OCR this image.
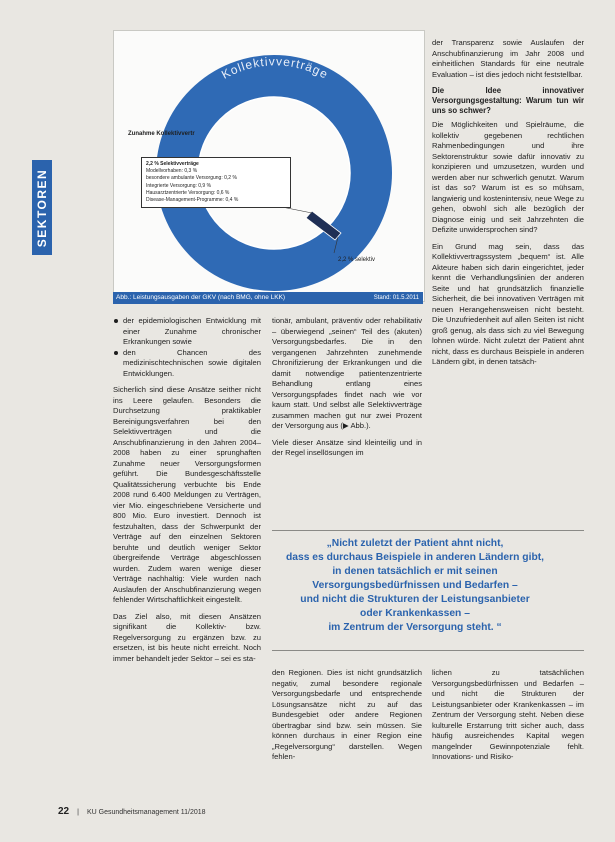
SEKTOREN
Kollektivverträge
Zunahme Kollektivvertr
2,2 % selektiv
2,2 % Selektivverträge
Modellvorhaben: 0,3 %
besondere ambulante Versorgung: 0,2 %
Integrierte Versorgung: 0,9 %
Hausarztzentrierte Versorgung: 0,6 %
Disease-Management-Programme: 0,4 %
Abb.: Leistungsausgaben der GKV (nach BMG, ohne LKK)	Stand: 01.5.2011
der epidemiologischen Entwicklung mit einer Zunahme chronischer Erkrankungen sowie
den Chancen des medizinischtechnischen sowie digitalen Entwicklungen.

Sicherlich sind diese Ansätze seither nicht ins Leere gelaufen. Besonders die Durchsetzung praktikabler Bereinigungsverfahren bei den Selektivverträgen und die Anschubfinanzierung in den Jahren 2004–2008 haben zu einer sprunghaften Zunahme neuer Versorgungsformen geführt. Die Bundesgeschäftsstelle Qualitätssicherung verbuchte bis Ende 2008 rund 6.400 Meldungen zu Verträgen, vier Mio. eingeschriebene Versicherte und 800 Mio. Euro investiert. Dennoch ist festzuhalten, dass der Schwerpunkt der Verträge auf den einzelnen Sektoren beruhte und deutlich weniger Sektor übergreifende Verträge abgeschlossen wurden. Zudem waren wenige dieser Verträge nachhaltig: Viele wurden nach Auslaufen der Anschubfinanzierung wegen fehlender Wirtschaftlichkeit eingestellt.

Das Ziel also, mit diesen Ansätzen signifikant die Kollektiv- bzw. Regelversorgung zu ergänzen bzw. zu ersetzen, ist bis heute nicht erreicht. Noch immer behandelt jeder Sektor – sei es sta-

tionär, ambulant, präventiv oder rehabilitativ – überwiegend „seinen“ Teil des (akuten) Versorgungsbedarfes. Die in den vergangenen Jahrzehnten zunehmende Chronifizierung der Erkrankungen und die damit notwendige patientenzentrierte Behandlung entlang eines Versorgungspfades findet nach wie vor kaum statt. Und selbst alle Selektivverträge zusammen machen gut nur zwei Prozent der Versorgung aus (▶ Abb.).

Viele dieser Ansätze sind kleinteilig und in der Regel insellösungen im

den Regionen. Dies ist nicht grundsätzlich negativ, zumal besondere regionale Versorgungsbedarfe und entsprechende Lösungsansätze nicht zu auf das Bundesgebiet oder andere Regionen übertragbar sind bzw. sein müssen. Sie können durchaus in einer Region eine „Regelversorgung“ darstellen. Wegen fehlen-

der Transparenz sowie Auslaufen der Anschubfinanzierung im Jahr 2008 und einheitlichen Standards für eine neutrale Evaluation – ist dies jedoch nicht feststellbar.

Die Idee innovativer Versorgungsgestaltung: Warum tun wir uns so schwer?

Die Möglichkeiten und Spielräume, die kollektiv gegebenen rechtlichen Rahmenbedingungen und ihre Sektorenstruktur sowie dafür innovativ zu konzipieren und umzusetzen, wurden und werden aber nur schwerlich genutzt. Warum ist das so? Warum ist es so mühsam, langwierig und kostenintensiv, neue Wege zu gehen, obwohl sich alle bezüglich der Diagnose einig und seit Jahrzehnten die Defizite unwidersprochen sind?

Ein Grund mag sein, dass das Kollektivvertragssystem „bequem“ ist. Alle Akteure haben sich darin eingerichtet, jeder kennt die Verhandlungslinien der anderen Seite und hat grundsätzlich finanzielle Sicherheit, die bei innovativen Verträgen mit neuen Herangehensweisen nicht besteht. Die Unzufriedenheit auf allen Seiten ist nicht groß genug, als dass sich zu viel Bewegung lohnen würde. Nicht zuletzt der Patient ahnt nicht, dass es durchaus Beispiele in anderen Ländern gibt, in denen tatsäch-

lichen zu tatsächlichen Versorgungsbedürfnissen und Bedarfen – und nicht die Strukturen der Leistungsanbieter oder Krankenkassen – im Zentrum der Versorgung steht. Neben diese kulturelle Erstarrung tritt sicher auch, dass häufig ausreichendes Kapital wegen mangelnder Gewinnpotenziale fehlt. Innovations- und Risiko-

„Nicht zuletzt der Patient ahnt nicht,
dass es durchaus Beispiele in anderen Ländern gibt,
in denen tatsächlich er mit seinen
Versorgungsbedürfnissen und Bedarfen –
und nicht die Strukturen der Leistungsanbieter
oder Krankenkassen –
im Zentrum der Versorgung steht. “
22 | KU Gesundheitsmanagement 11/2018
